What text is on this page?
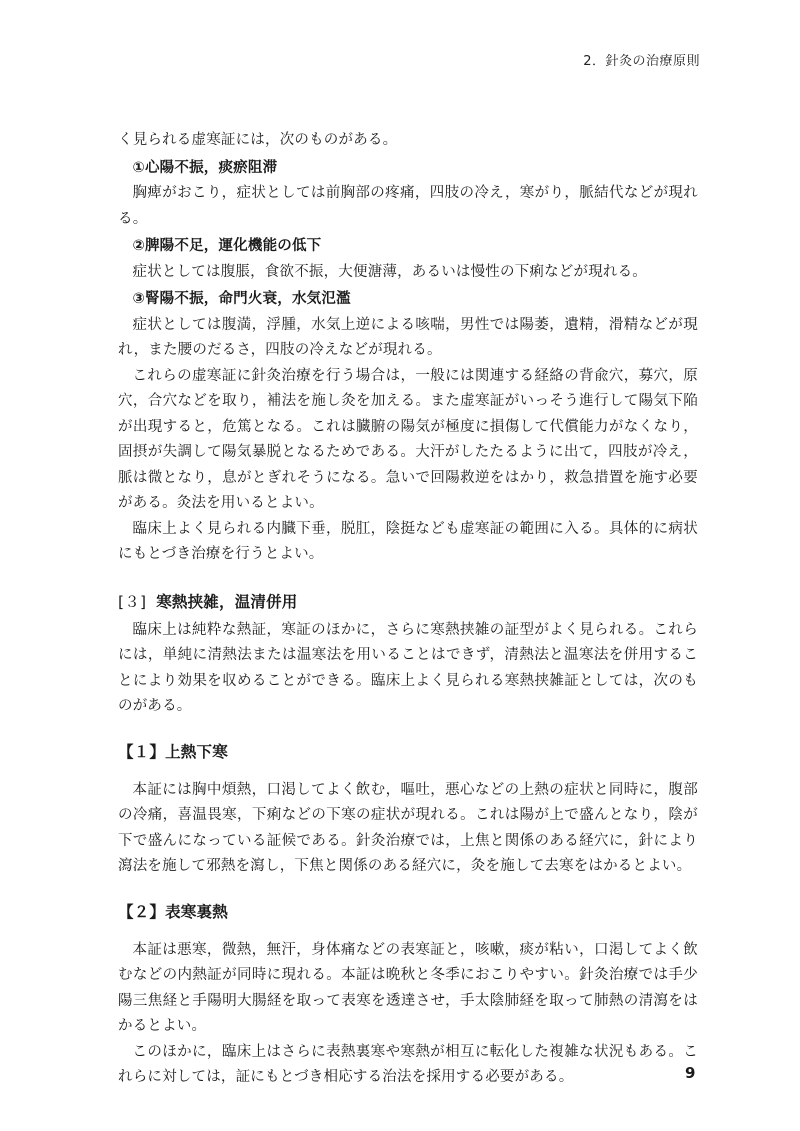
2．針灸の治療原則

く見られる虚寒証には，次のものがある。

①心陽不振，痰瘀阻滞

胸痺がおこり，症状としては前胸部の疼痛，四肢の冷え，寒がり，脈結代などが現れる。

②脾陽不足，運化機能の低下

症状としては腹脹，食欲不振，大便溏薄，あるいは慢性の下痢などが現れる。

③腎陽不振，命門火衰，水気氾濫

症状としては腹満，浮腫，水気上逆による咳喘，男性では陽萎，遺精，滑精などが現れ，また腰のだるさ，四肢の冷えなどが現れる。

これらの虚寒証に針灸治療を行う場合は，一般には関連する経絡の背兪穴，募穴，原穴，合穴などを取り，補法を施し灸を加える。また虚寒証がいっそう進行して陽気下陥が出現すると，危篤となる。これは臓腑の陽気が極度に損傷して代償能力がなくなり，固摂が失調して陽気暴脱となるためである。大汗がしたたるように出て，四肢が冷え，脈は微となり，息がとぎれそうになる。急いで回陽救逆をはかり，救急措置を施す必要がある。灸法を用いるとよい。

臨床上よく見られる内臓下垂，脱肛，陰挺なども虚寒証の範囲に入る。具体的に病状にもとづき治療を行うとよい。

[３] 寒熱挟雑，温清併用

臨床上は純粋な熱証，寒証のほかに，さらに寒熱挟雑の証型がよく見られる。これらには，単純に清熱法または温寒法を用いることはできず，清熱法と温寒法を併用することにより効果を収めることができる。臨床上よく見られる寒熱挟雑証としては，次のものがある。

【１】上熱下寒

本証には胸中煩熱，口渇してよく飲む，嘔吐，悪心などの上熱の症状と同時に，腹部の冷痛，喜温畏寒，下痢などの下寒の症状が現れる。これは陽が上で盛んとなり，陰が下で盛んになっている証候である。針灸治療では，上焦と関係のある経穴に，針により瀉法を施して邪熱を瀉し，下焦と関係のある経穴に，灸を施して去寒をはかるとよい。

【２】表寒裏熱

本証は悪寒，微熱，無汗，身体痛などの表寒証と，咳嗽，痰が粘い，口渇してよく飲むなどの内熱証が同時に現れる。本証は晩秋と冬季におこりやすい。針灸治療では手少陽三焦経と手陽明大腸経を取って表寒を透達させ，手太陰肺経を取って肺熱の清瀉をはかるとよい。

このほかに，臨床上はさらに表熱裏寒や寒熱が相互に転化した複雑な状況もある。これらに対しては，証にもとづき相応する治法を採用する必要がある。	9
